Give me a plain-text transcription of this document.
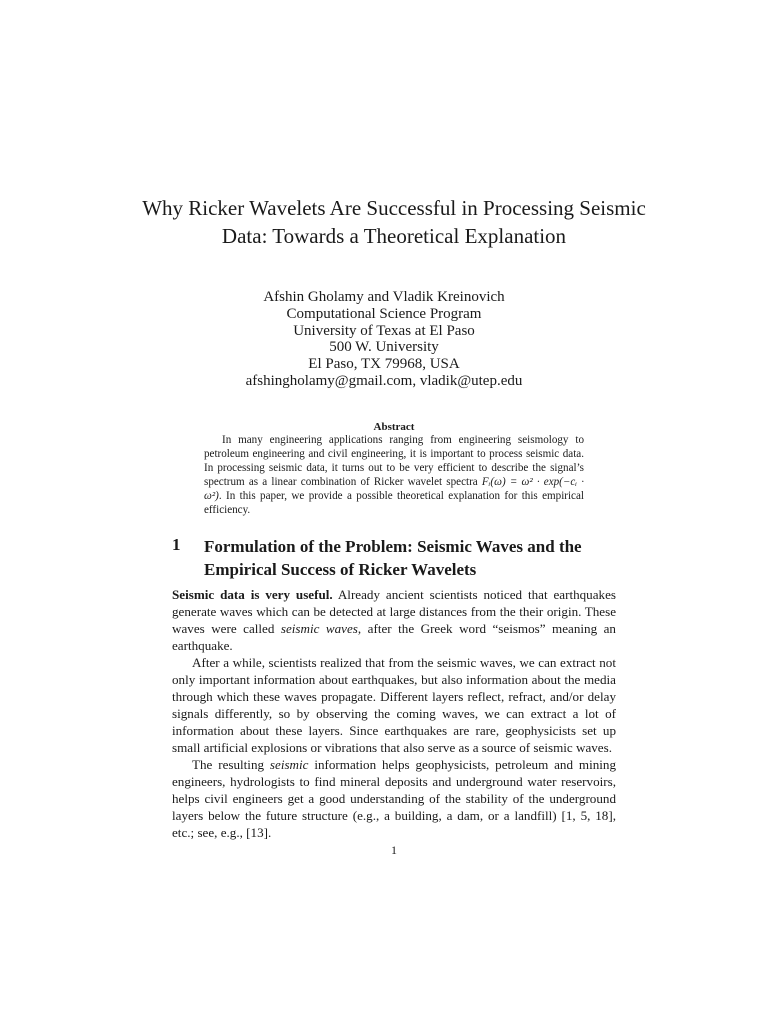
Why Ricker Wavelets Are Successful in Processing Seismic Data: Towards a Theoretical Explanation
Afshin Gholamy and Vladik Kreinovich
Computational Science Program
University of Texas at El Paso
500 W. University
El Paso, TX 79968, USA
afshingholamy@gmail.com, vladik@utep.edu
Abstract
In many engineering applications ranging from engineering seismology to petroleum engineering and civil engineering, it is important to process seismic data. In processing seismic data, it turns out to be very efficient to describe the signal’s spectrum as a linear combination of Ricker wavelet spectra Fᵢ(ω) = ω² · exp(−cᵢ · ω²). In this paper, we provide a possible theoretical explanation for this empirical efficiency.
1 Formulation of the Problem: Seismic Waves and the Empirical Success of Ricker Wavelets

Seismic data is very useful. Already ancient scientists noticed that earthquakes generate waves which can be detected at large distances from the their origin. These waves were called seismic waves, after the Greek word “seismos” meaning an earthquake.

After a while, scientists realized that from the seismic waves, we can extract not only important information about earthquakes, but also information about the media through which these waves propagate. Different layers reflect, refract, and/or delay signals differently, so by observing the coming waves, we can extract a lot of information about these layers. Since earthquakes are rare, geophysicists set up small artificial explosions or vibrations that also serve as a source of seismic waves.

The resulting seismic information helps geophysicists, petroleum and mining engineers, hydrologists to find mineral deposits and underground water reservoirs, helps civil engineers get a good understanding of the stability of the underground layers below the future structure (e.g., a building, a dam, or a landfill) [1, 5, 18], etc.; see, e.g., [13].

1
